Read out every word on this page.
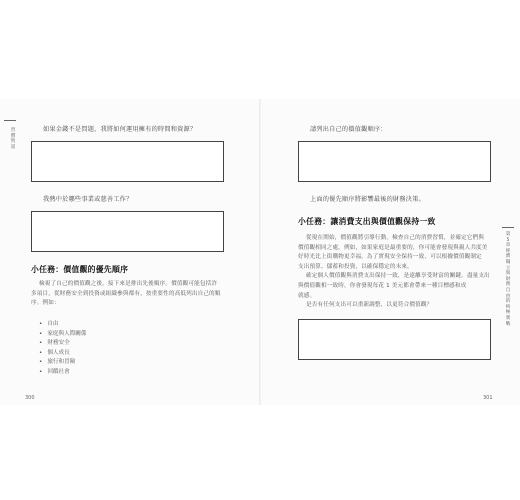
習慣致富
如果金錢不是問題，我將如何運用擁有的時間和資源？
我熱中於哪些事業或慈善工作？
小任務：價值觀的優先順序

檢視了自己的價值觀之後，接下來是排出先後順序。價值觀可能包括許

多項目，從財務安全到投資或組織參與都有，按重要性的高低列出自己的順

序。例如：

• 自由
• 家庭與人際關係
• 財務安全
• 個人成長
• 旅行和冒險
• 回饋社會
300
請列出自己的價值觀順序：
上面的優先順序將影響最後的財務決策。
小任務：讓消費支出與價值觀保持一致

從現在開始，價值觀將引導行動。檢查自己的消費習慣，並確定它們與

價值觀相同之處。例如，如果家庭是最重要的，你可能會發現與親人共度美

好時光比上街購物更幸福。為了實現安全保持一致，可以根據價值觀制定

支出預算、儲蓄和投資，以確保穩定的未來。

確定個人價值觀與消費支出保持一致，是遠離享受財富的關鍵。盡量支出

與價值觀相一致時，你會發現每花 1 美元都會帶來一種目標感和成

就感。

是否有任何支出可以重新調整，以更符合價值觀？

第5章 經濟獨立與財務自由的終極實戰
301
